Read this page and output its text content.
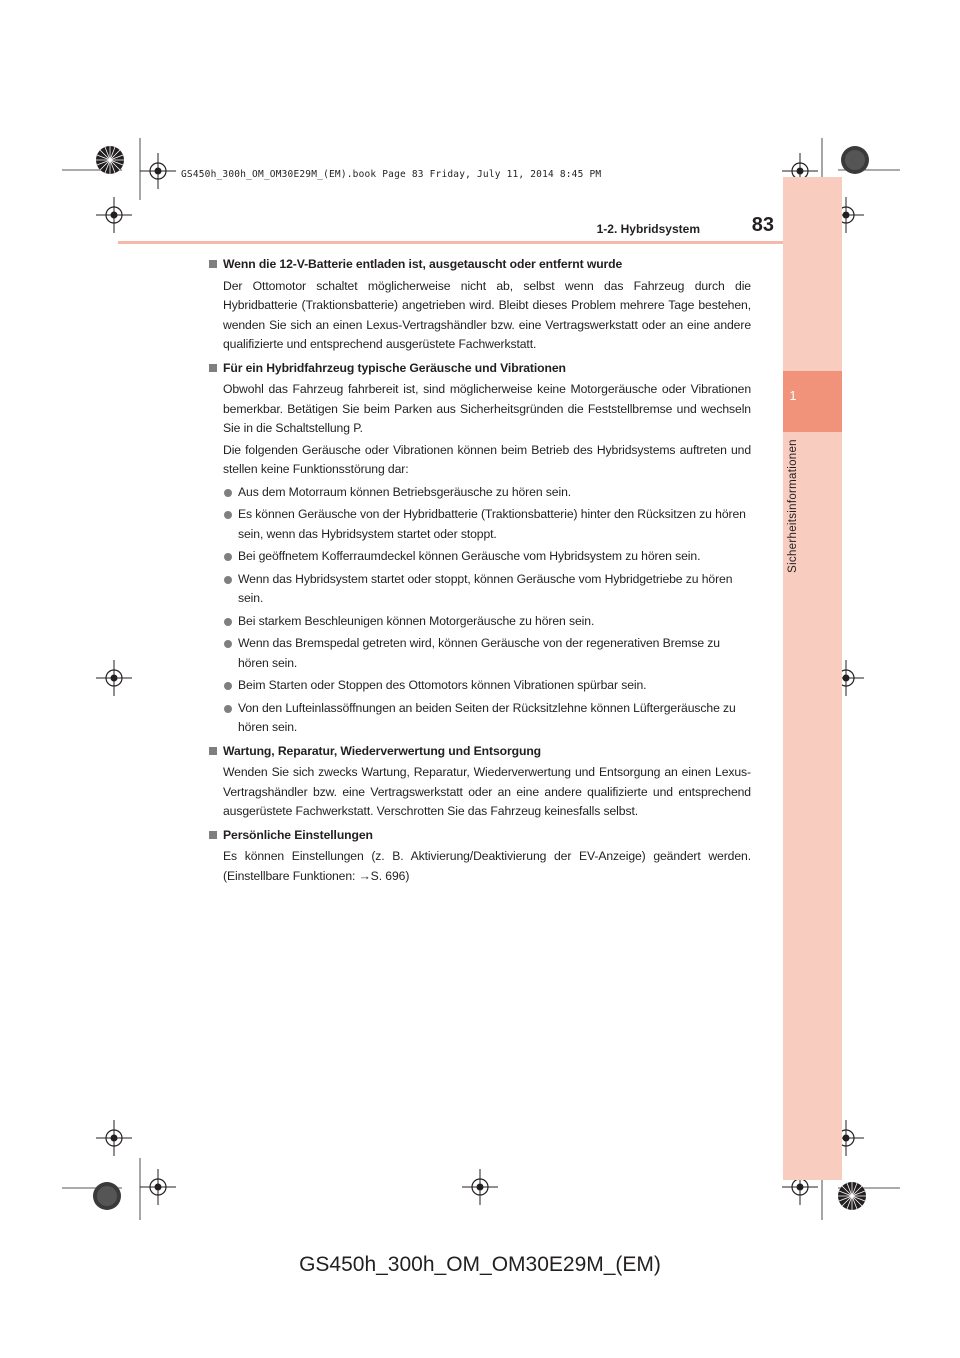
1
Sicherheitsinformationen
GS450h_300h_OM_OM30E29M_(EM).book Page 83 Friday, July 11, 2014 8:45 PM
1-2. Hybridsystem	83
Wenn die 12-V-Batterie entladen ist, ausgetauscht oder entfernt wurde
Der Ottomotor schaltet möglicherweise nicht ab, selbst wenn das Fahrzeug durch die Hybridbatterie (Traktionsbatterie) angetrieben wird. Bleibt dieses Problem mehrere Tage bestehen, wenden Sie sich an einen Lexus-Vertragshändler bzw. eine Vertragswerkstatt oder an eine andere qualifizierte und entsprechend ausgerüstete Fachwerkstatt.
Für ein Hybridfahrzeug typische Geräusche und Vibrationen
Obwohl das Fahrzeug fahrbereit ist, sind möglicherweise keine Motorgeräusche oder Vibrationen bemerkbar. Betätigen Sie beim Parken aus Sicherheitsgründen die Feststellbremse und wechseln Sie in die Schaltstellung P.
Die folgenden Geräusche oder Vibrationen können beim Betrieb des Hybridsystems auftreten und stellen keine Funktionsstörung dar:
Aus dem Motorraum können Betriebsgeräusche zu hören sein.
Es können Geräusche von der Hybridbatterie (Traktionsbatterie) hinter den Rücksitzen zu hören sein, wenn das Hybridsystem startet oder stoppt.
Bei geöffnetem Kofferraumdeckel können Geräusche vom Hybridsystem zu hören sein.
Wenn das Hybridsystem startet oder stoppt, können Geräusche vom Hybridgetriebe zu hören sein.
Bei starkem Beschleunigen können Motorgeräusche zu hören sein.
Wenn das Bremspedal getreten wird, können Geräusche von der regenerativen Bremse zu hören sein.
Beim Starten oder Stoppen des Ottomotors können Vibrationen spürbar sein.
Von den Lufteinlassöffnungen an beiden Seiten der Rücksitzlehne können Lüftergeräusche zu hören sein.
Wartung, Reparatur, Wiederverwertung und Entsorgung
Wenden Sie sich zwecks Wartung, Reparatur, Wiederverwertung und Entsorgung an einen Lexus-Vertragshändler bzw. eine Vertragswerkstatt oder an eine andere qualifizierte und entsprechend ausgerüstete Fachwerkstatt. Verschrotten Sie das Fahrzeug keinesfalls selbst.
Persönliche Einstellungen
Es können Einstellungen (z. B. Aktivierung/Deaktivierung der EV-Anzeige) geändert werden. (Einstellbare Funktionen: →S. 696)
GS450h_300h_OM_OM30E29M_(EM)
